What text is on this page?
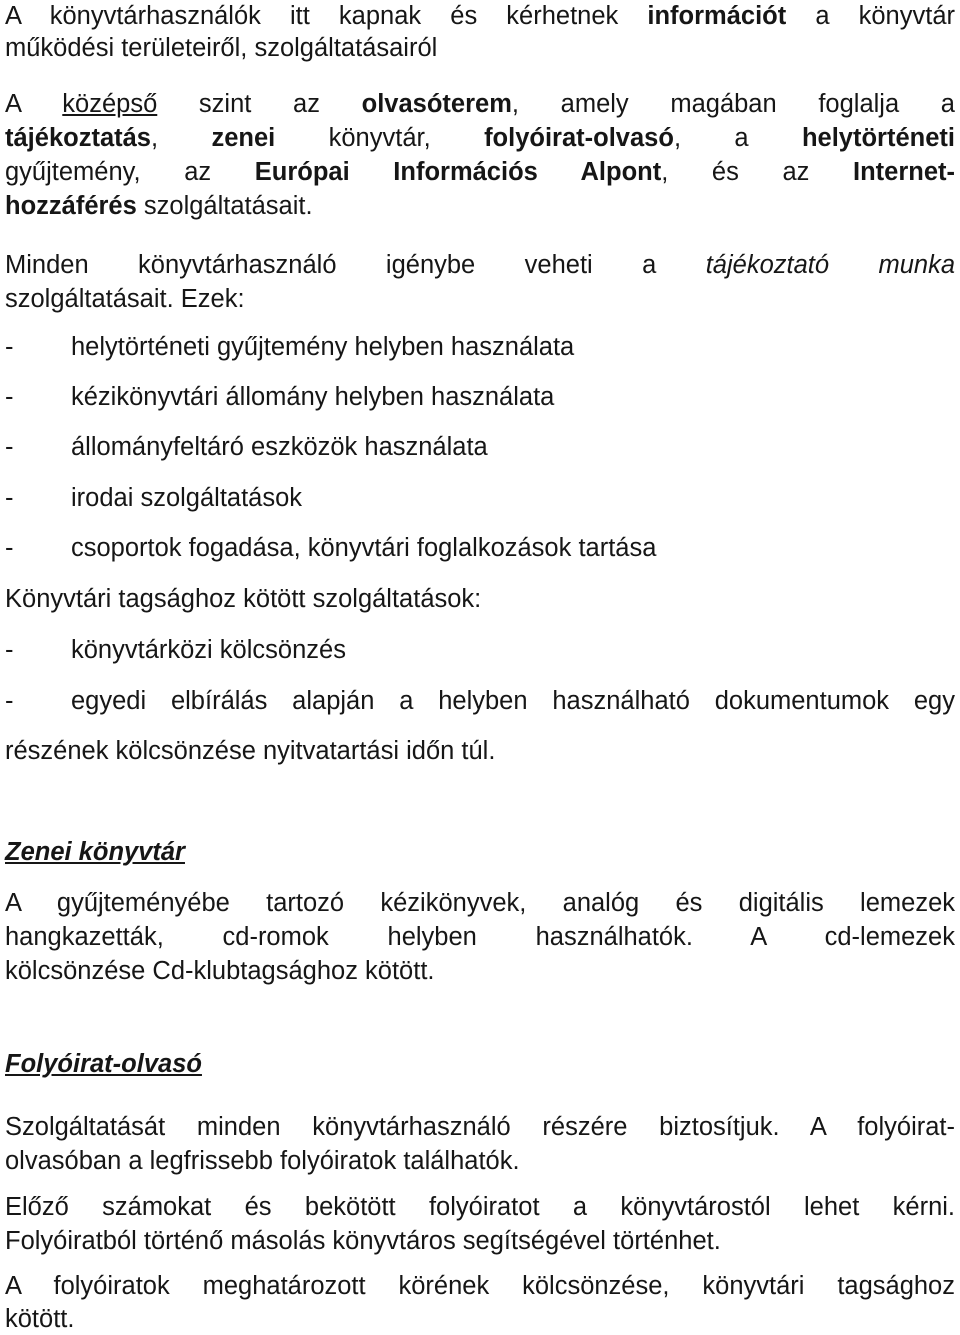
A könyvtárhasználók itt kapnak és kérhetnek információt a könyvtár
működési területeiről, szolgáltatásairól
A középső szint az olvasóterem, amely magában foglalja a
tájékoztatás, zenei könyvtár, folyóirat-olvasó, a helytörténeti
gyűjtemény, az Európai Információs Alpont, és az Internet-
hozzáférés szolgáltatásait.
Minden könyvtárhasználó igénybe veheti a tájékoztató munka
szolgáltatásait. Ezek:
- helytörténeti gyűjtemény helyben használata
- kézikönyvtári állomány helyben használata
- állományfeltáró eszközök használata
- irodai szolgáltatások
- csoportok fogadása, könyvtári foglalkozások tartása
Könyvtári tagsághoz kötött szolgáltatások:
- könyvtárközi kölcsönzés
- egyedi elbírálás alapján a helyben használható dokumentumok egy
részének kölcsönzése nyitvatartási időn túl.
Zenei könyvtár
A gyűjteményébe tartozó kézikönyvek, analóg és digitális lemezek
hangkazetták, cd-romok helyben használhatók. A cd-lemezek
kölcsönzése Cd-klubtagsághoz kötött.
Folyóirat-olvasó
Szolgáltatását minden könyvtárhasználó részére biztosítjuk. A folyóirat-
olvasóban a legfrissebb folyóiratok találhatók.
Előző számokat és bekötött folyóiratot a könyvtárostól lehet kérni.
Folyóiratból történő másolás könyvtáros segítségével történhet.
A folyóiratok meghatározott körének kölcsönzése, könyvtári tagsághoz
kötött.
